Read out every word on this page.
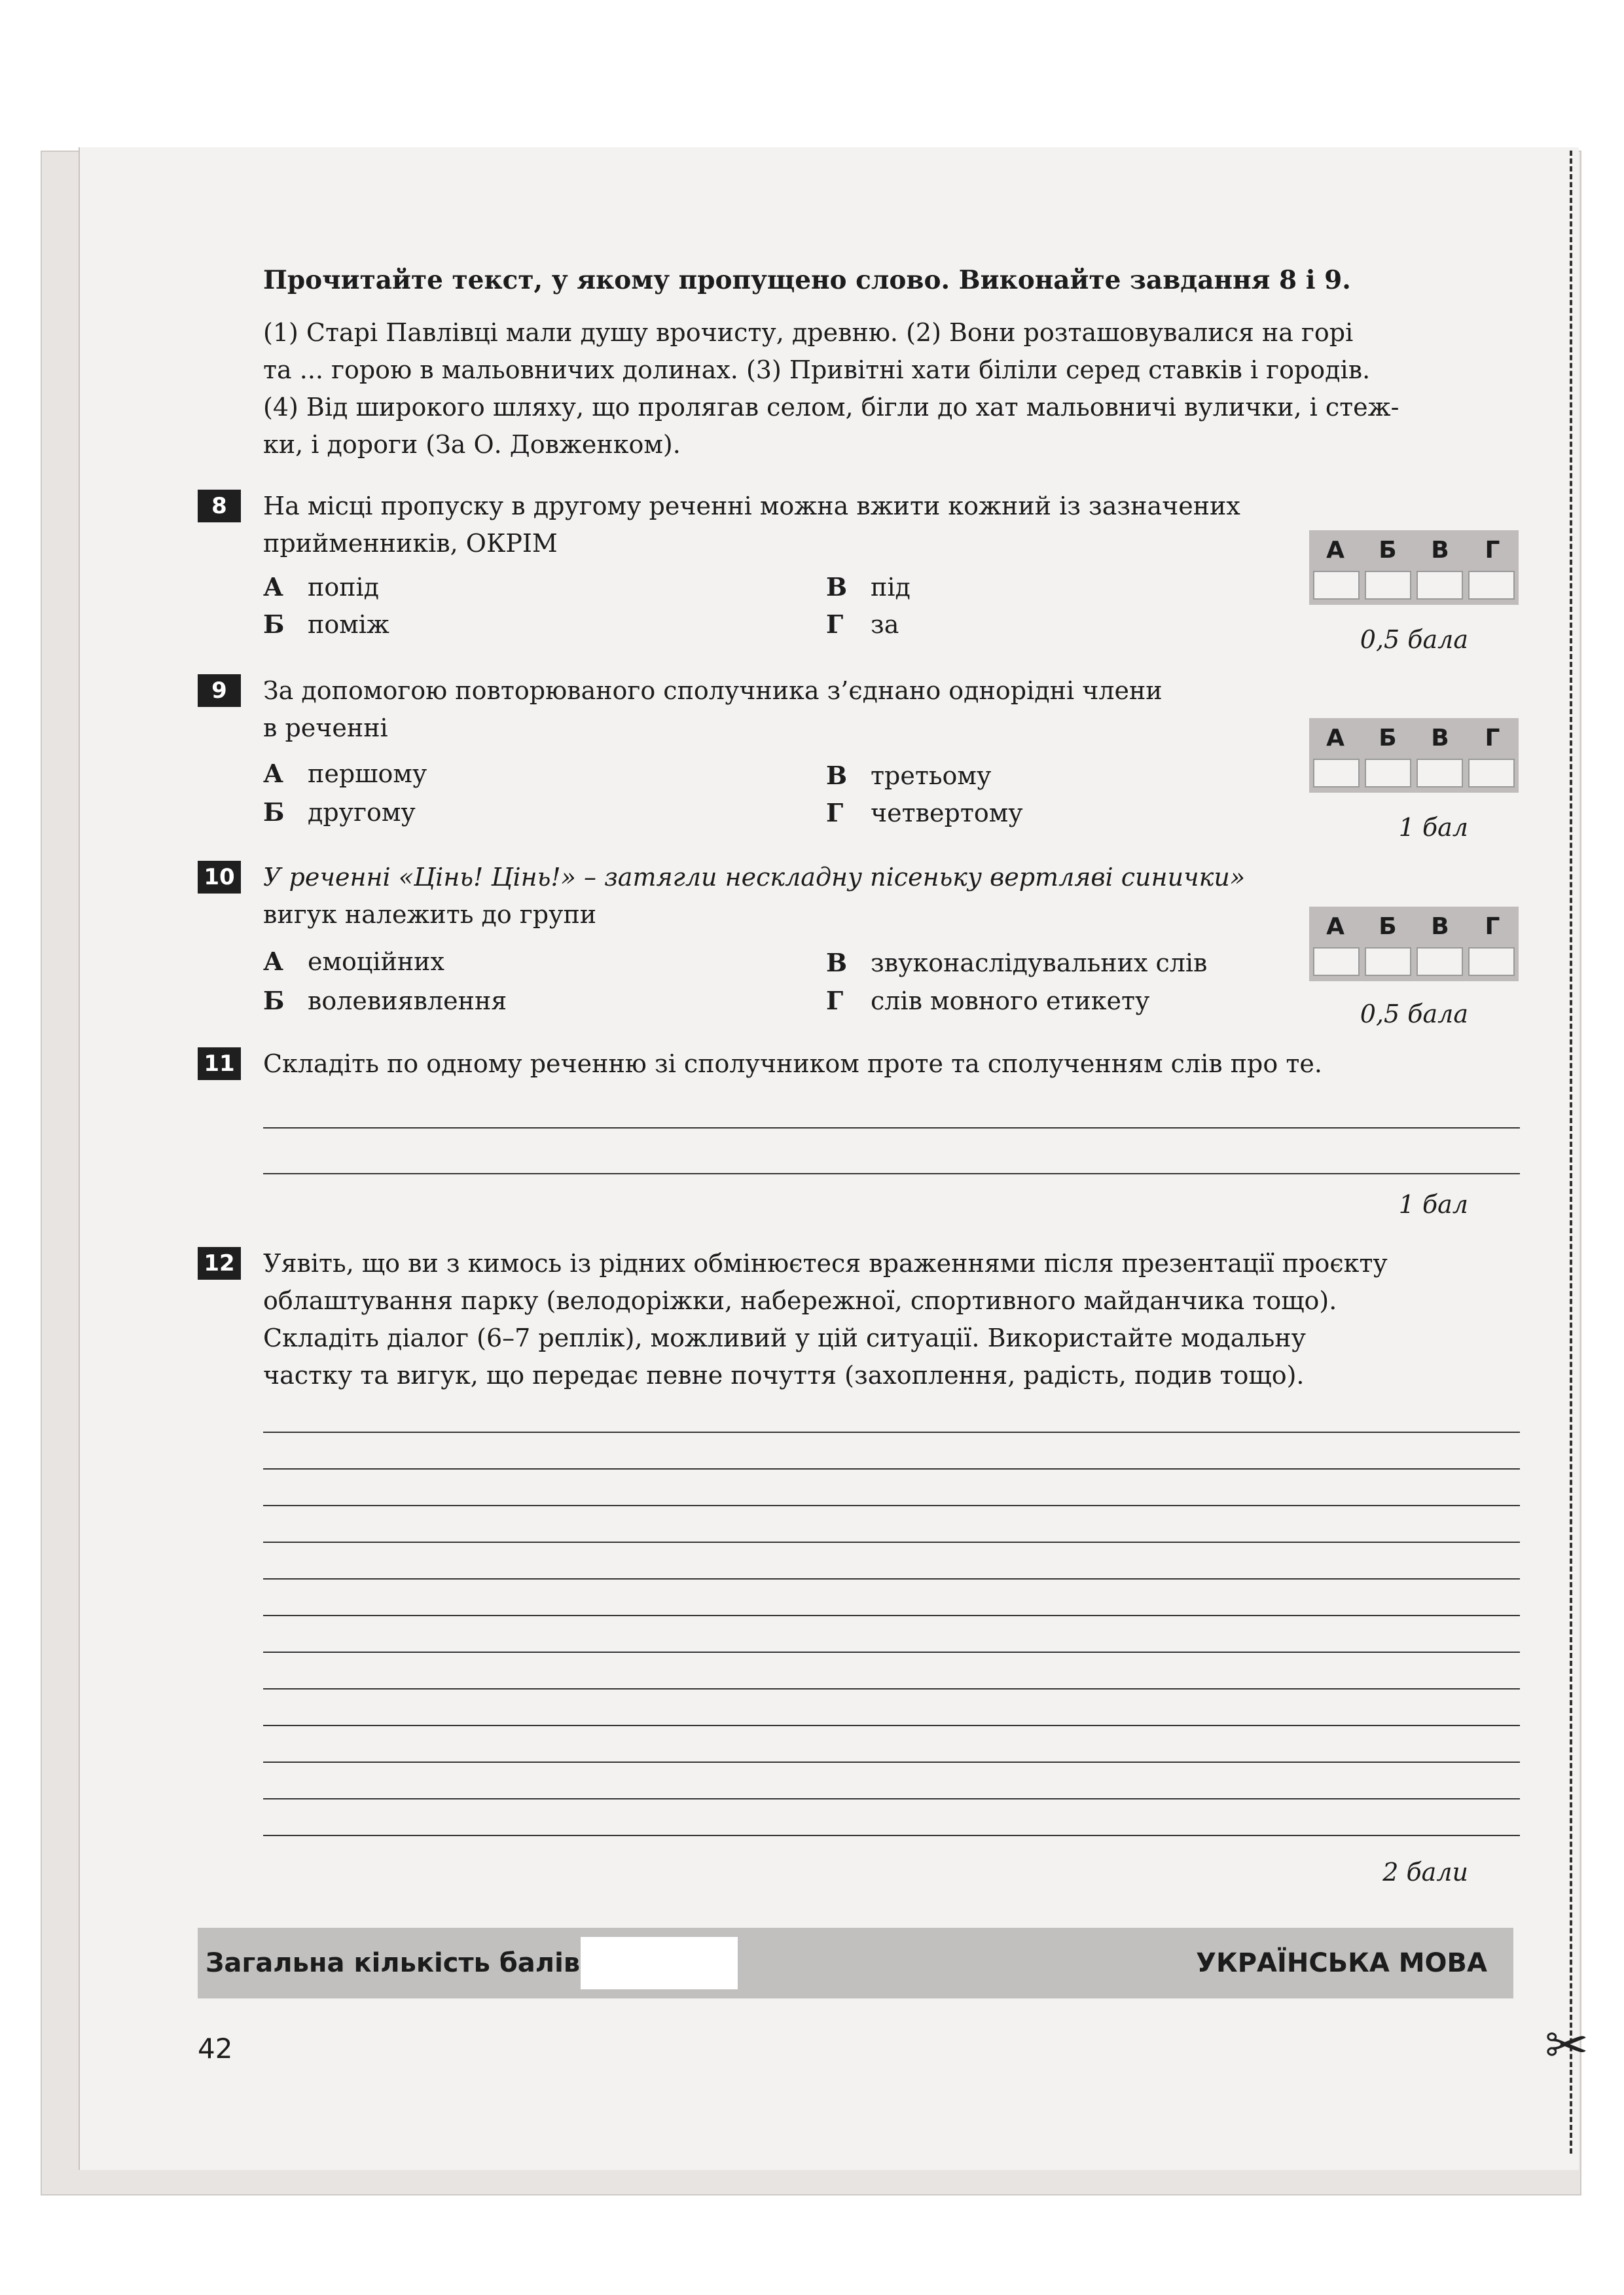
✂
Прочитайте текст, у якому пропущено слово. Виконайте завдання 8 і 9.
(1) Старі Павлівці мали душу врочисту, древню. (2) Вони розташовувалися на горі
та ... горою в мальовничих долинах. (3) Привітні хати біліли серед ставків і городів.
(4) Від широкого шляху, що пролягав селом, бігли до хат мальовничі вулички, і стеж-
ки, і дороги (За О. Довженком).
8	На місці пропуску в другому реченні можна вжити кожний із зазначених
прийменників, ОКРІМ	А	Б	В	Г
А попід
Б поміж
В під
Г за
0,5 бала
9	За допомогою повторюваного сполучника з’єднано однорідні члени
в реченні	А	Б	В	Г
А першому
Б другому
В третьому
Г четвертому	1 бал
10 У реченні «Цінь! Цінь!» – затягли нескладну пісеньку вертляві синички»
вигук належить до групи	А	Б	В	Г
А емоційних
Б волевиявлення
В звуконаслідувальних слів
Г слів мовного етикету	0,5 бала
11 Складіть по одному реченню зі сполучником проте та сполученням слів про те.
1 бал
12 Уявіть, що ви з кимось із рідних обмінюєтеся враженнями після презентації проєкту
облаштування парку (велодоріжки, набережної, спортивного майданчика тощо).
Складіть діалог (6–7 реплік), можливий у цій ситуації. Використайте модальну
частку та вигук, що передає певне почуття (захоплення, радість, подив тощо).
2 бали
Загальна кількість балів	УКРАЇНСЬКА МОВА
42
